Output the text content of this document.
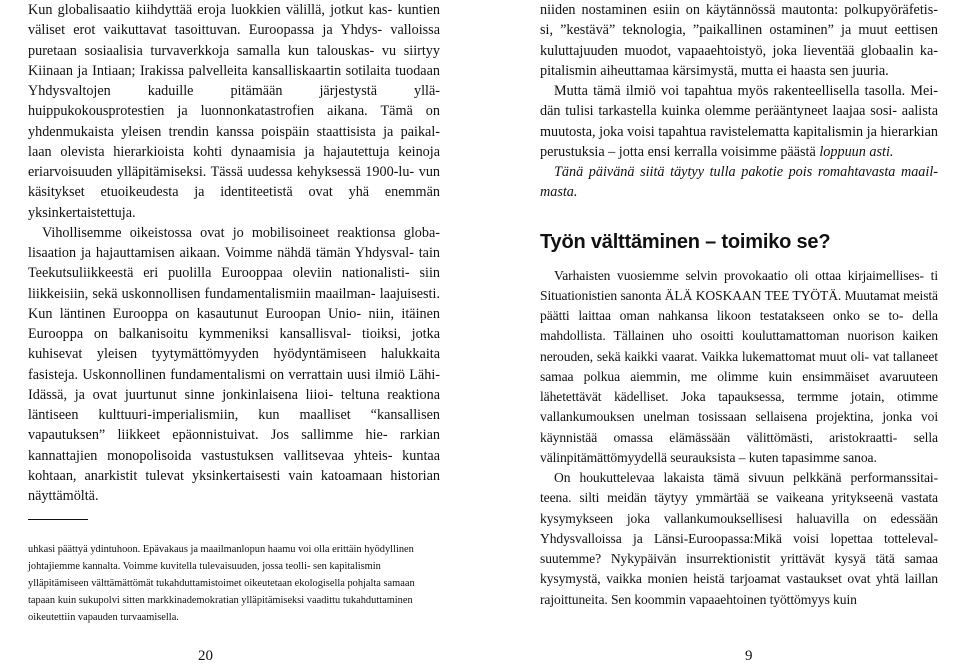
Kun globalisaatio kiihdyttää eroja luokkien välillä, jotkut kas- kuntien väliset erot vaikuttavat tasoittuvan. Euroopassa ja Yhdys- valloissa puretaan sosiaalisia turvaverkkoja samalla kun talouskas- vu siirtyy Kiinaan ja Intiaan; Irakissa palvelleita kansalliskaartin sotilaita tuodaan Yhdysvaltojen kaduille pitämään järjestystä yllä- huippukokousprotestien ja luonnonkatastrofien aikana. Tämä on yhdenmukaista yleisen trendin kanssa poispäin staattisista ja paikal- laan olevista hierarkioista kohti dynaamisia ja hajautettuja keinoja eriarvoisuuden ylläpitämiseksi. Tässä uudessa kehyksessä 1900-lu- vun käsitykset etuoikeudesta ja identiteetistä ovat yhä enemmän yksinkertaistettuja.

Vihollisemme oikeistossa ovat jo mobilisoineet reaktionsa globa- lisaation ja hajauttamisen aikaan. Voimme nähdä tämän Yhdysval- tain Teekutsuliikkeestä eri puolilla Eurooppaa oleviin nationalisti- siin liikkeisiin, sekä uskonnollisen fundamentalismiin maailman- laajuisesti. Kun läntinen Eurooppa on kasautunut Euroopan Unio- niin, itäinen Eurooppa on balkanisoitu kymmeniksi kansallisval- tioiksi, jotka kuhisevat yleisen tyytymättömyyden hyödyntämiseen halukkaita fasisteja. Uskonnollinen fundamentalismi on verrattain uusi ilmiö Lähi-Idässä, ja ovat juurtunut sinne jonkinlaisena liioi- teltuna reaktiona läntiseen kulttuuri-imperialismiin, kun maalliset “kansallisen vapautuksen” liikkeet epäonnistuivat. Jos sallimme hie- rarkian kannattajien monopolisoida vastustuksen vallitsevaa yhteis- kuntaa kohtaan, anarkistit tulevat yksinkertaisesti vain katoamaan historian näyttämöltä.

uhkasi päättyä ydintuhoon. Epävakaus ja maailmanlopun haamu voi olla erittäin hyödyllinen johtajiemme kannalta. Voimme kuvitella tulevaisuuden, jossa teolli- sen kapitalismin ylläpitämiseen välttämättömät tukahduttamistoimet oikeutetaan ekologisella pohjalta samaan tapaan kuin sukupolvi sitten markkinademokratian ylläpitämiseksi vaadittu tukahduttaminen oikeutettiin vapauden turvaamisella.

20

niiden nostaminen esiin on käytännössä mautonta: polkupyöräfetis- si, ”kestävä” teknologia, ”paikallinen ostaminen” ja muut eettisen kuluttajuuden muodot, vapaaehtoistyö, joka lieventää globaalin ka- pitalismin aiheuttamaa kärsimystä, mutta ei haasta sen juuria.

Mutta tämä ilmiö voi tapahtua myös rakenteellisella tasolla. Mei- dän tulisi tarkastella kuinka olemme perääntyneet laajaa sosi- aalista muutosta, joka voisi tapahtua ravistelematta kapitalismin ja hierarkian perustuksia – jotta ensi kerralla voisimme päästä loppuun asti.

Tänä päivänä siitä täytyy tulla pakotie pois romahtavasta maail- masta.

Työn välttäminen – toimiko se?

Varhaisten vuosiemme selvin provokaatio oli ottaa kirjaimellises- ti Situationistien sanonta ÄLÄ KOSKAAN TEE TYÖTÄ. Muutamat meistä päätti laittaa oman nahkansa likoon testatakseen onko se to- della mahdollista. Tällainen uho osoitti kouluttamattoman nuorison kaiken nerouden, sekä kaikki vaarat. Vaikka lukemattomat muut oli- vat tallaneet samaa polkua aiemmin, me olimme kuin ensimmäiset avaruuteen lähetettävät kädelliset. Joka tapauksessa, termme jotain, otimme vallankumouksen unelman tosissaan sellaisena projektina, jonka voi käynnistää omassa elämässään välittömästi, aristokraatti- sella välinpitämättömyydellä seurauksista – kuten tapasimme sanoa.

On houkuttelevaa lakaista tämä sivuun pelkkänä performanssitai- teena. silti meidän täytyy ymmärtää se vaikeana yritykseenä vastata kysymykseen joka vallankumouksellisesi haluavilla on edessään Yhdysvalloissa ja Länsi-Euroopassa:Mikä voisi lopettaa totteleval- suutemme? Nykypäivän insurrektionistit yrittävät kysyä tätä samaa kysymystä, vaikka monien heistä tarjoamat vastaukset ovat yhtä laillan rajoittuneita. Sen koommin vapaaehtoinen työttömyys kuin

9
